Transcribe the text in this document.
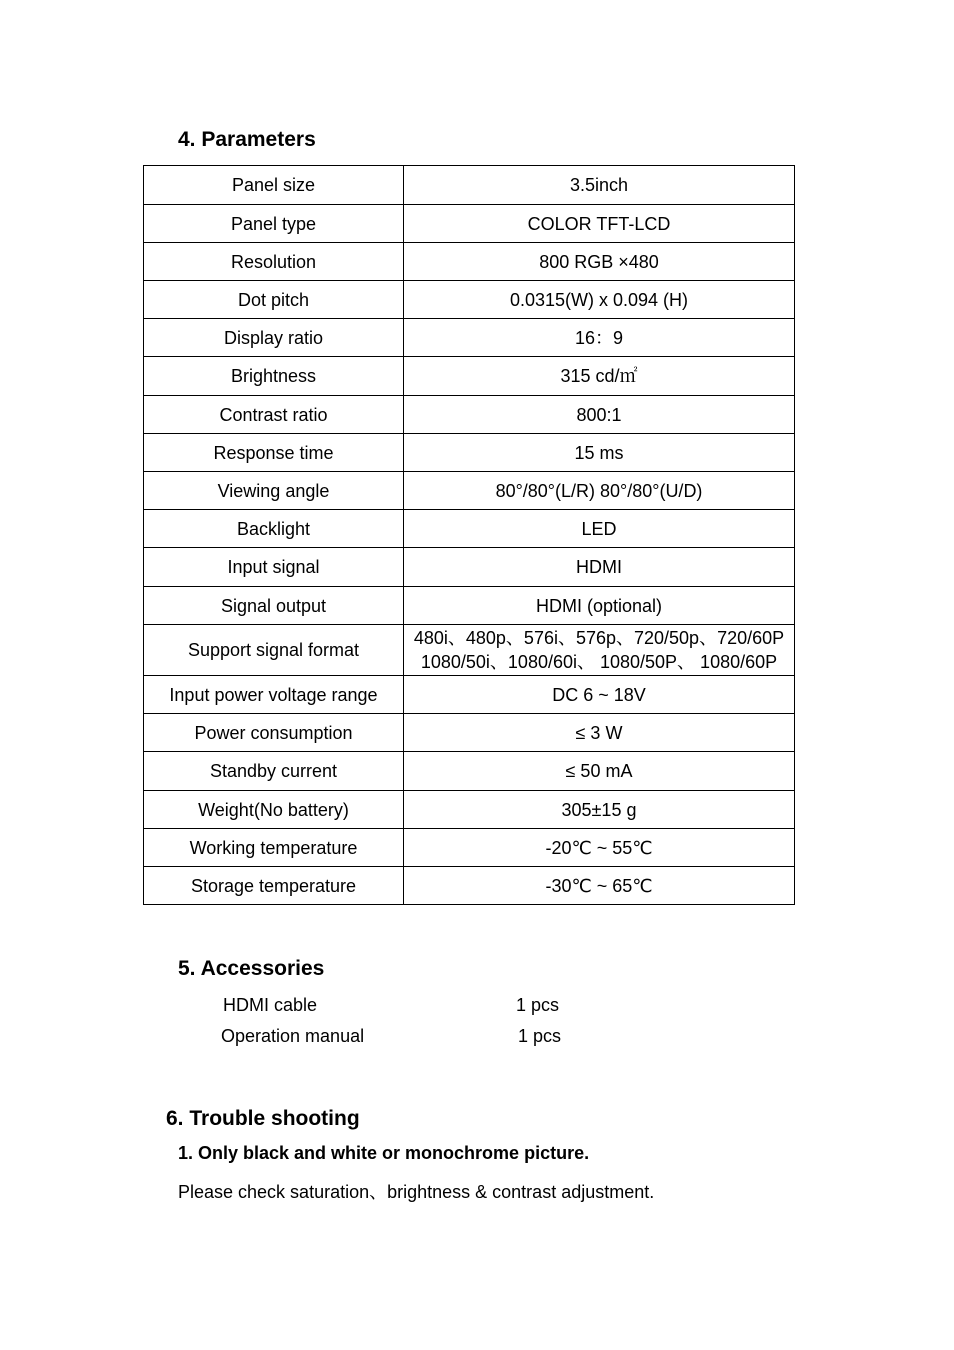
4. Parameters
Panel size	3.5inch

Panel type	COLOR TFT-LCD

Resolution	800 RGB ×480

Dot pitch	0.0315(W) x 0.094 (H)

Display ratio	16：9

Brightness	315 cd/㎡

Contrast ratio	800:1

Response time	15 ms

Viewing angle	80°/80°(L/R) 80°/80°(U/D)

Backlight	LED

Input signal	HDMI

Signal output	HDMI (optional)

Support signal format	480i、480p、576i、576p、720/50p、720/60P
1080/50i、1080/60i、 1080/50P、 1080/60P

Input power voltage range	DC 6 ~ 18V

Power consumption	≤ 3 W

Standby current	≤ 50 mA

Weight(No battery)	305±15 g

Working temperature	-20℃ ~ 55℃

Storage temperature	-30℃ ~ 65℃
5. Accessories
HDMI cable	1 pcs
Operation manual	1 pcs
6. Trouble shooting
1. Only black and white or monochrome picture.
Please check saturation、brightness & contrast adjustment.
